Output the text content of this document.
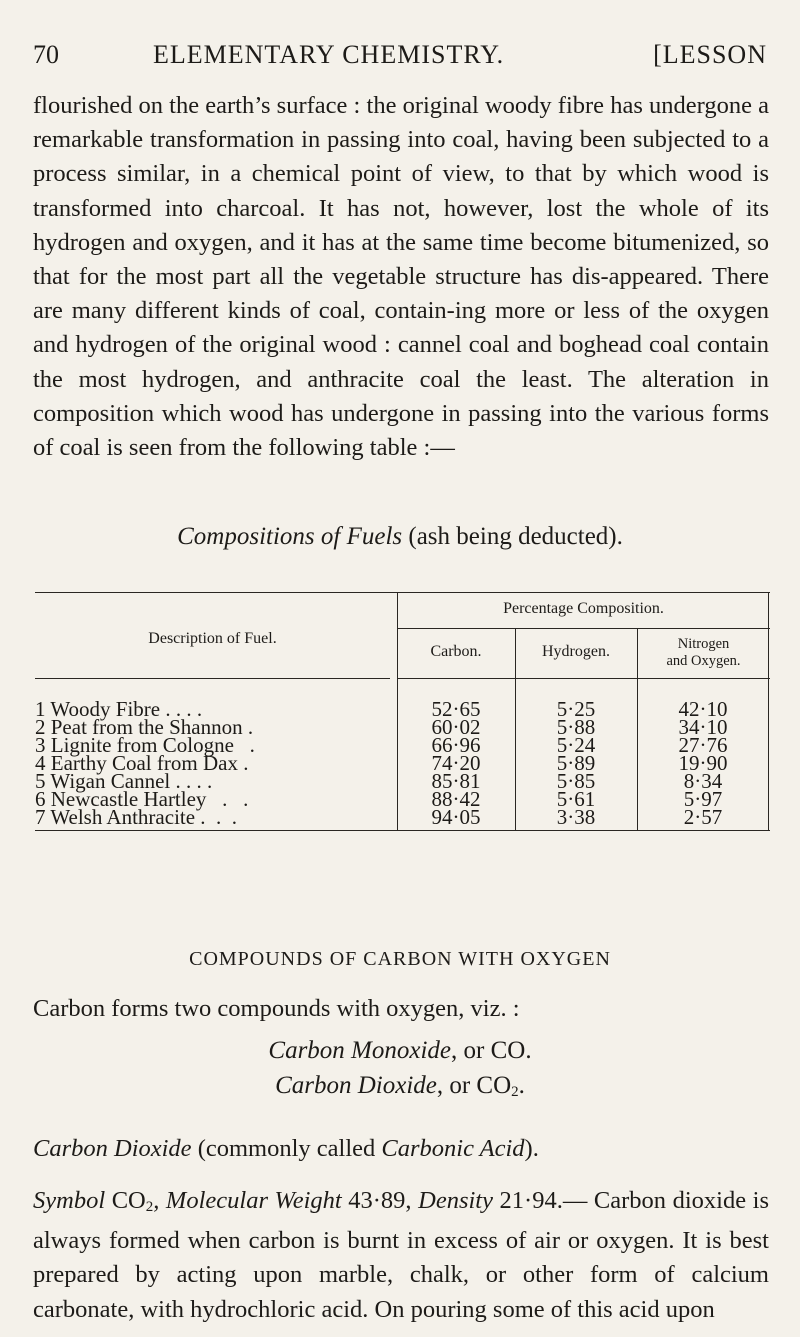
70	ELEMENTARY CHEMISTRY.	[LESSON

flourished on the earth’s surface : the original woody fibre has undergone a remarkable transformation in passing into coal, having been subjected to a process similar, in a chemical point of view, to that by which wood is transformed into charcoal. It has not, however, lost the whole of its hydrogen and oxygen, and it has at the same time become bitumenized, so that for the most part all the vegetable structure has dis-appeared. There are many different kinds of coal, contain-ing more or less of the oxygen and hydrogen of the original wood : cannel coal and boghead coal contain the most hydrogen, and anthracite coal the least. The alteration in composition which wood has undergone in passing into the various forms of coal is seen from the following table :—

Compositions of Fuels (ash being deducted).
Description of Fuel.
Percentage Composition.
Carbon.	Hydrogen.	Nitrogen
and Oxygen.
1 Woody Fibre . . . .	52·65	5·25	42·10
2 Peat from the Shannon .	60·02	5·88	34·10
3 Lignite from Cologne   .	66·96	5·24	27·76
4 Earthy Coal from Dax .	74·20	5·89	19·90
5 Wigan Cannel . . . .	85·81	5·85	8·34
6 Newcastle Hartley   .   .	88·42	5·61	5·97
7 Welsh Anthracite .  .  .	94·05	3·38	2·57
COMPOUNDS OF CARBON WITH OXYGEN

Carbon forms two compounds with oxygen, viz. :

Carbon Monoxide, or CO.
Carbon Dioxide, or $CO_2$.

Carbon Dioxide (commonly called Carbonic Acid).

Symbol $CO_2$, Molecular Weight 43·89, Density 21·94.— Carbon dioxide is always formed when carbon is burnt in excess of air or oxygen. It is best prepared by acting upon marble, chalk, or other form of calcium carbonate, with hydrochloric acid. On pouring some of this acid upon
